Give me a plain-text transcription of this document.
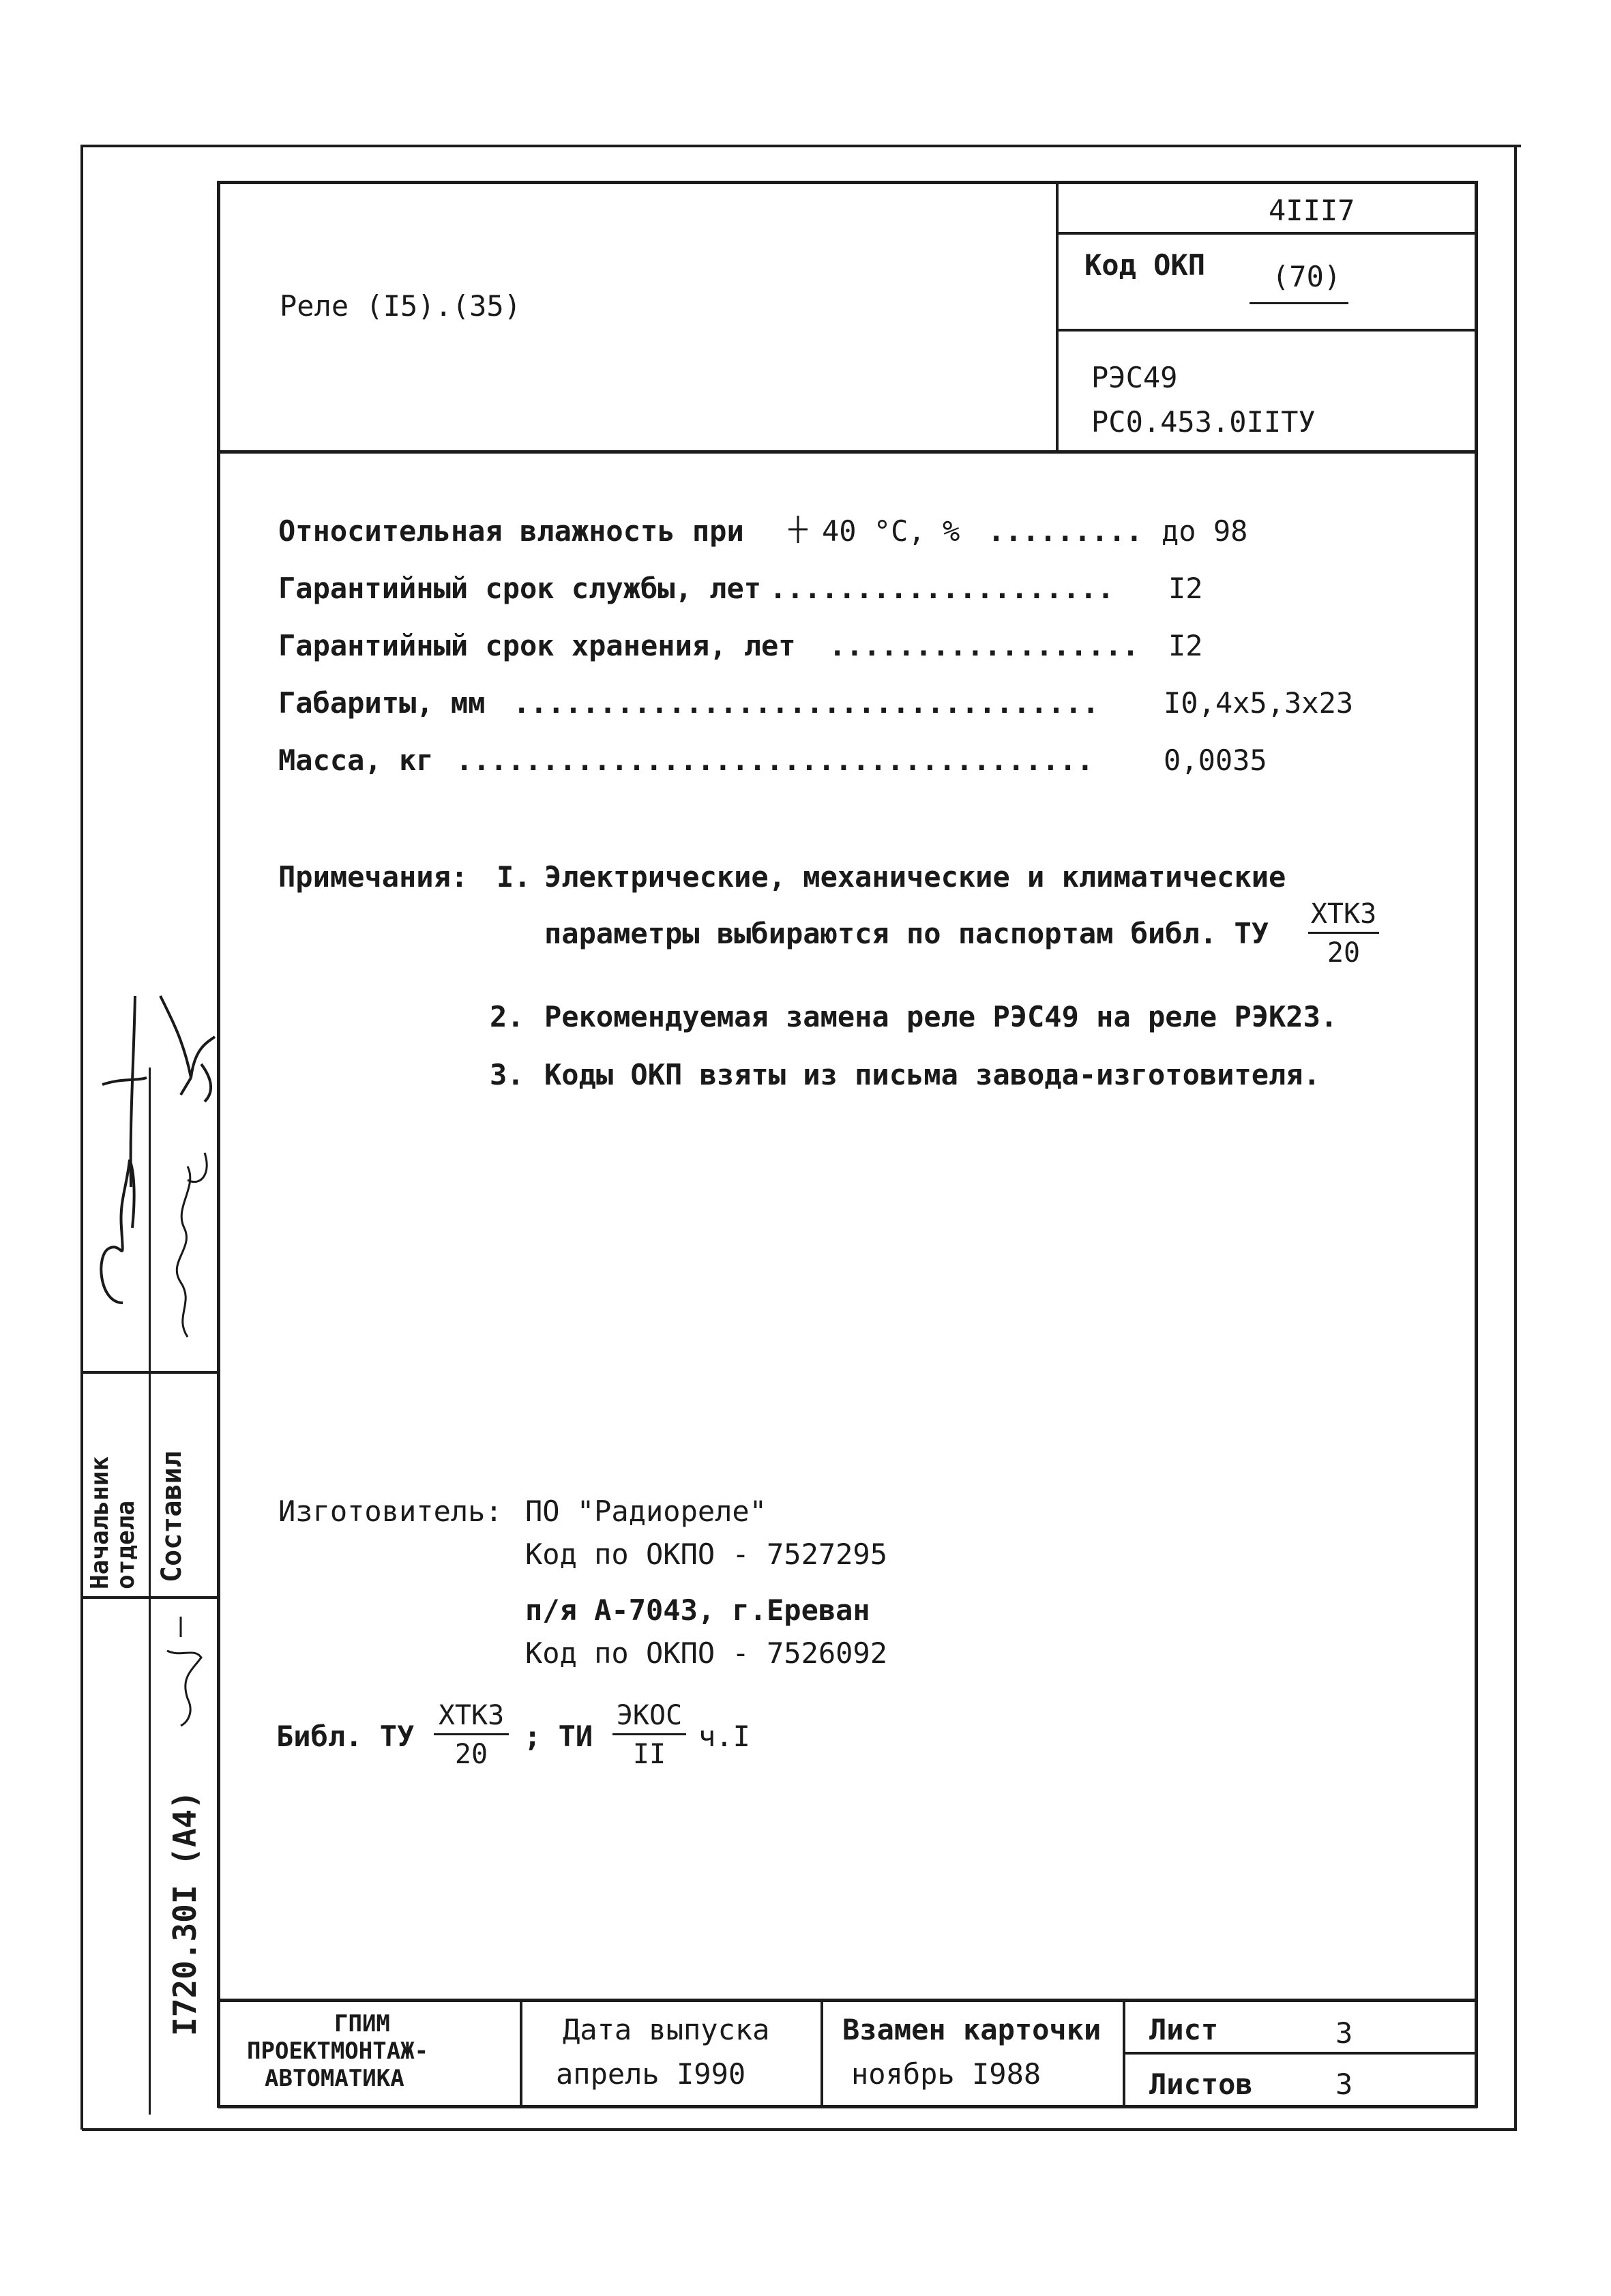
Реле (I5).(35)
4III7
Код ОКП (70)
РЭС49
РС0.453.0IIТУ
Относительная влажность при	40 °С, % ......... до 98
Гарантийный срок службы, лет .................... I2
Гарантийный срок хранения, лет .................. I2
Габариты, мм .................................. I0,4х5,3х23
Масса, кг ..................................... 0,0035
Примечания: I. Электрические, механические и климатические
параметры выбираются по паспортам библ. ТУ
ХТКЗ
20
2. Рекомендуемая замена реле РЭС49 на реле РЭК23.
3. Коды ОКП взяты из письма завода-изготовителя.
Изготовитель: ПО "Радиореле"
Код по ОКПО - 7527295
п/я А-7043, г.Ереван
Код по ОКПО - 7526092
Библ. ТУ
ХТКЗ
20
; ТИ
ЭКОС
II
ч.I
Начальник отдела Составил
I720.30I (A4)	ГПИМ
ПРОЕКТМОНТАЖ-
АВТОМАТИКА
Дата выпуска
апрель I990
Взамен карточки
ноябрь I988
Лист	3
Листов	3
